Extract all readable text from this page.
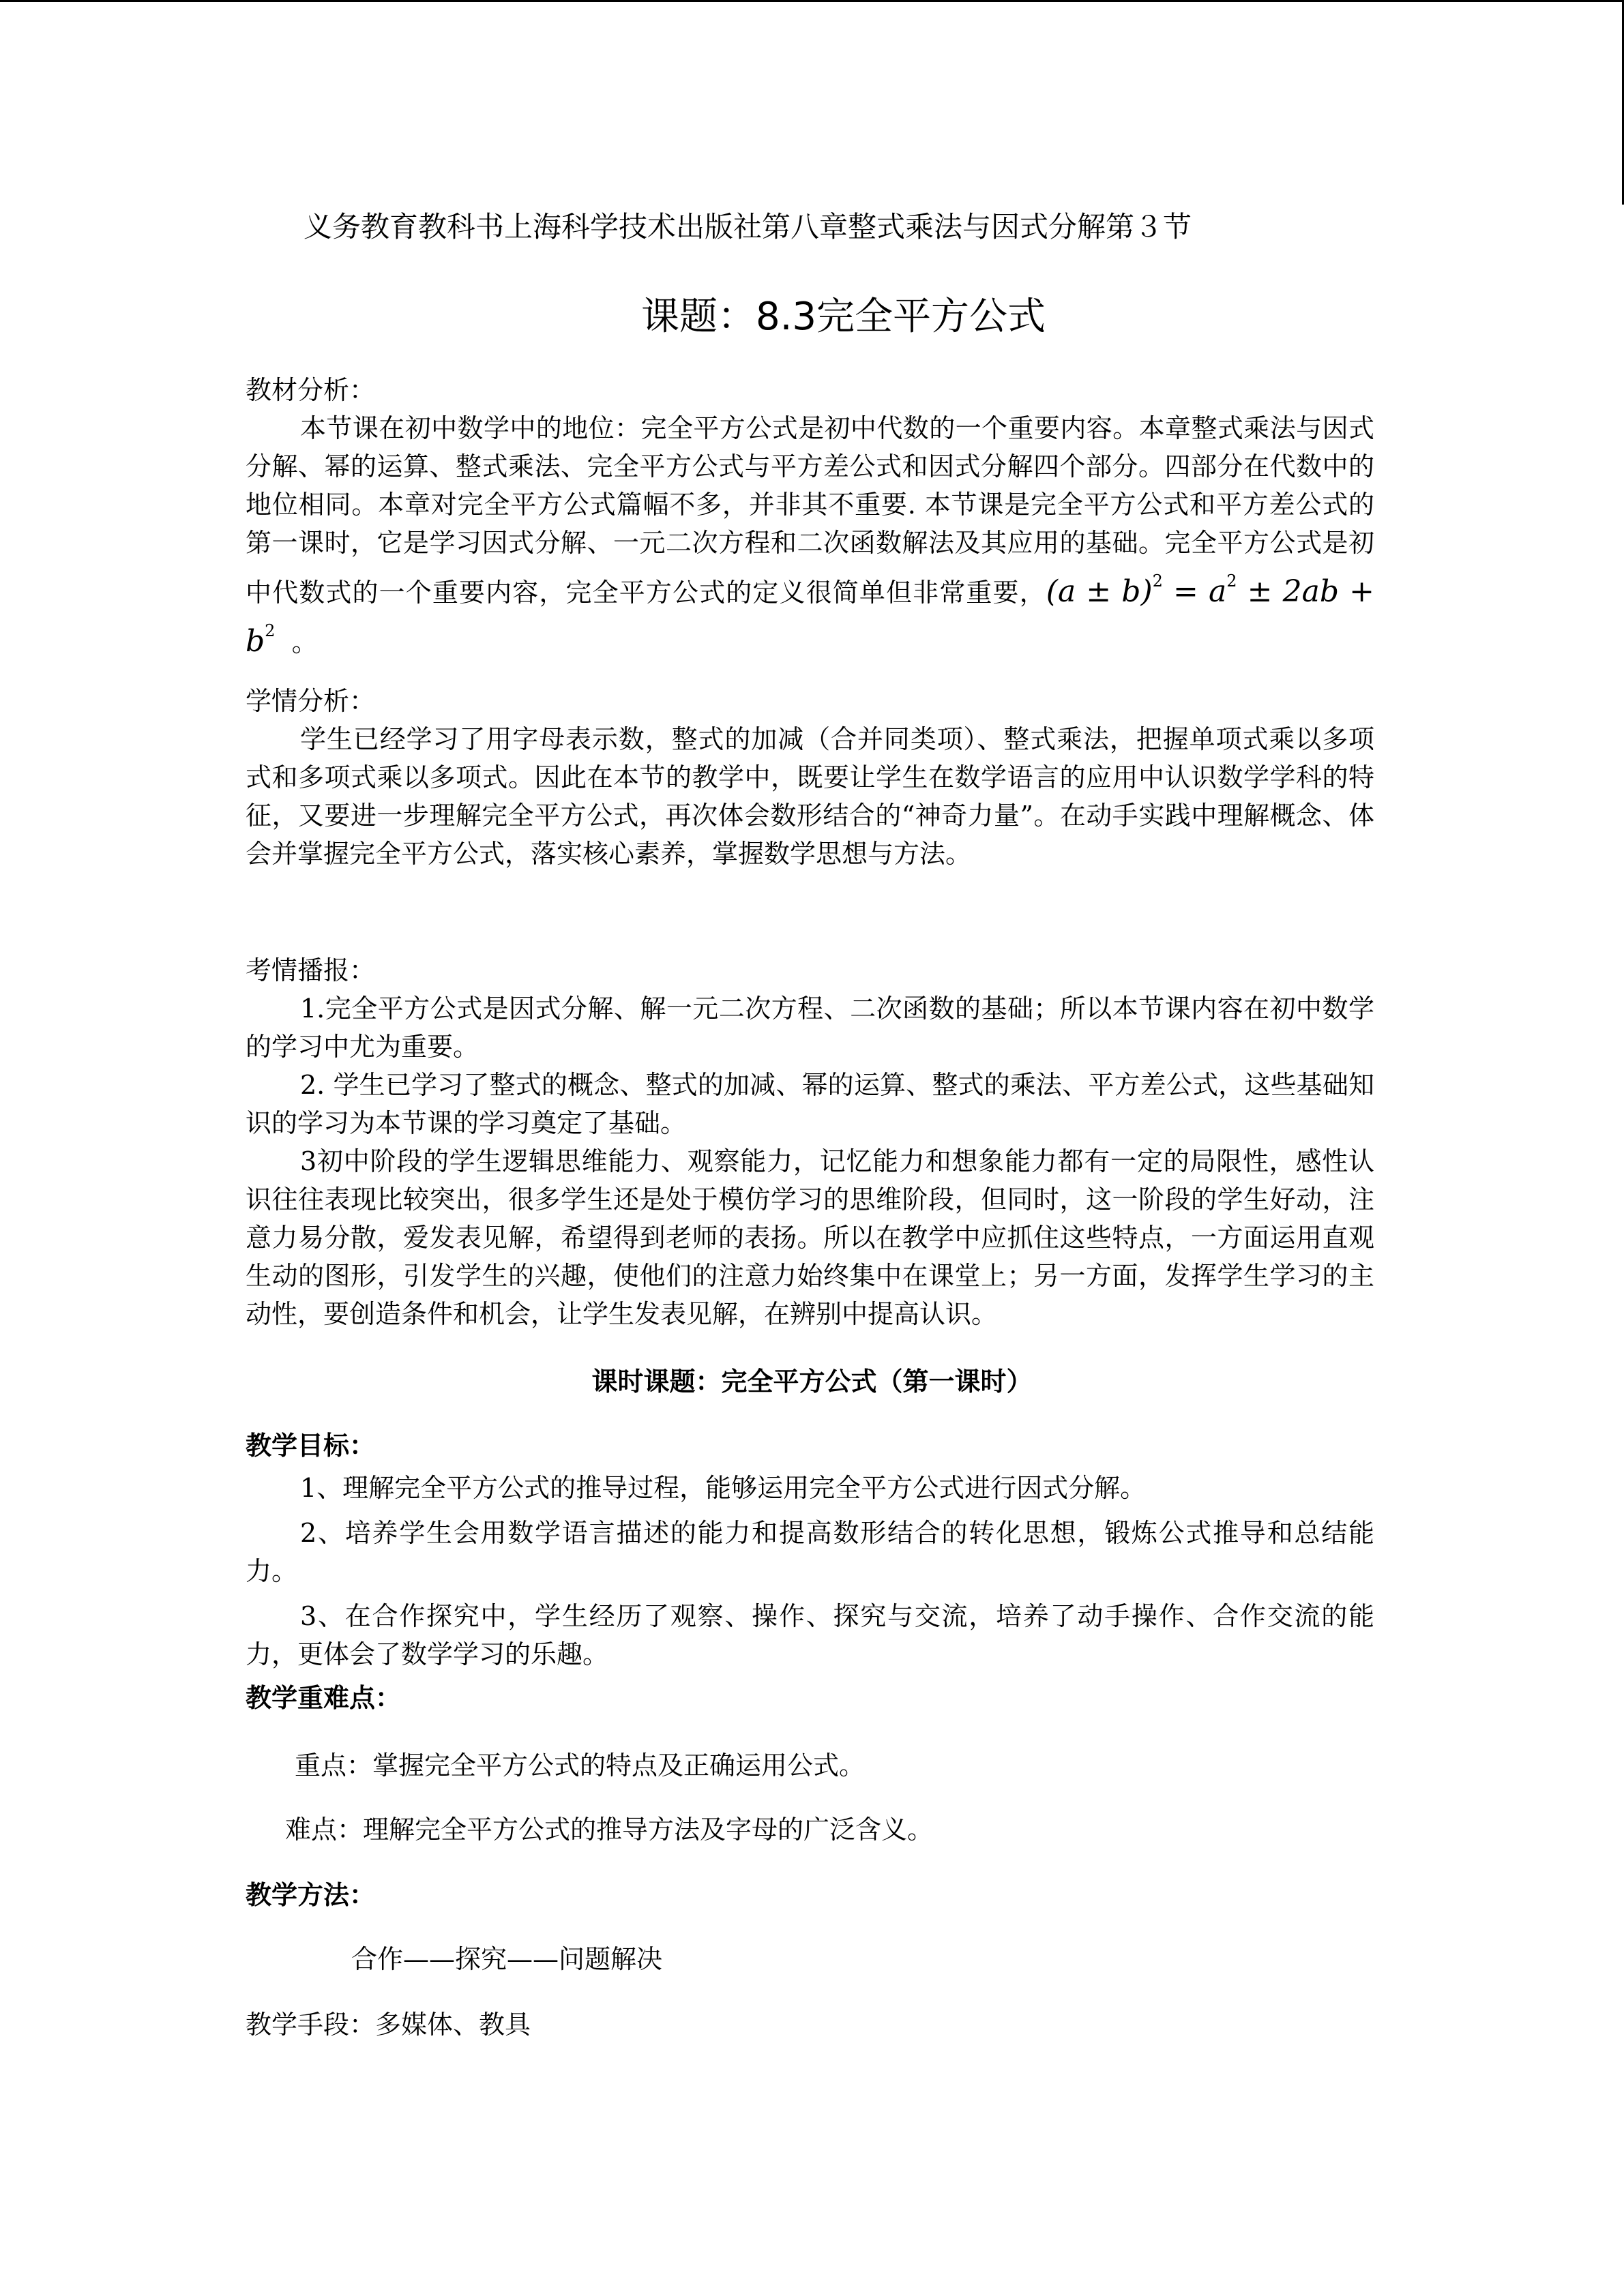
义务教育教科书上海科学技术出版社第八章整式乘法与因式分解第３节
课题：8.3完全平方公式

教材分析：

本节课在初中数学中的地位：完全平方公式是初中代数的一个重要内容。本章整式乘法与因式分解、幂的运算、整式乘法、完全平方公式与平方差公式和因式分解四个部分。四部分在代数中的地位相同。本章对完全平方公式篇幅不多，并非其不重要. 本节课是完全平方公式和平方差公式的第一课时，它是学习因式分解、一元二次方程和二次函数解法及其应用的基础。完全平方公式是初中代数式的一个重要内容，完全平方公式的定义很简单但非常重要，$(a \pm b)^2 = a^2 \pm 2ab + b^2$ 。

学情分析：

学生已经学习了用字母表示数，整式的加减（合并同类项）、整式乘法，把握单项式乘以多项式和多项式乘以多项式。因此在本节的教学中，既要让学生在数学语言的应用中认识数学学科的特征，又要进一步理解完全平方公式，再次体会数形结合的“神奇力量”。在动手实践中理解概念、体会并掌握完全平方公式，落实核心素养，掌握数学思想与方法。

考情播报：

1.完全平方公式是因式分解、解一元二次方程、二次函数的基础；所以本节课内容在初中数学的学习中尤为重要。

2. 学生已学习了整式的概念、整式的加减、幂的运算、整式的乘法、平方差公式，这些基础知识的学习为本节课的学习奠定了基础。

3初中阶段的学生逻辑思维能力、观察能力，记忆能力和想象能力都有一定的局限性，感性认识往往表现比较突出，很多学生还是处于模仿学习的思维阶段，但同时，这一阶段的学生好动，注意力易分散，爱发表见解，希望得到老师的表扬。所以在教学中应抓住这些特点，一方面运用直观生动的图形，引发学生的兴趣，使他们的注意力始终集中在课堂上；另一方面，发挥学生学习的主动性，要创造条件和机会，让学生发表见解，在辨别中提高认识。

课时课题：完全平方公式（第一课时）

教学目标：

1、理解完全平方公式的推导过程，能够运用完全平方公式进行因式分解。

2、培养学生会用数学语言描述的能力和提高数形结合的转化思想，锻炼公式推导和总结能力。

3、在合作探究中，学生经历了观察、操作、探究与交流，培养了动手操作、合作交流的能力，更体会了数学学习的乐趣。

教学重难点：

重点：掌握完全平方公式的特点及正确运用公式。
难点：理解完全平方公式的推导方法及字母的广泛含义。
教学方法：
合作——探究——问题解决
教学手段：多媒体、教具
